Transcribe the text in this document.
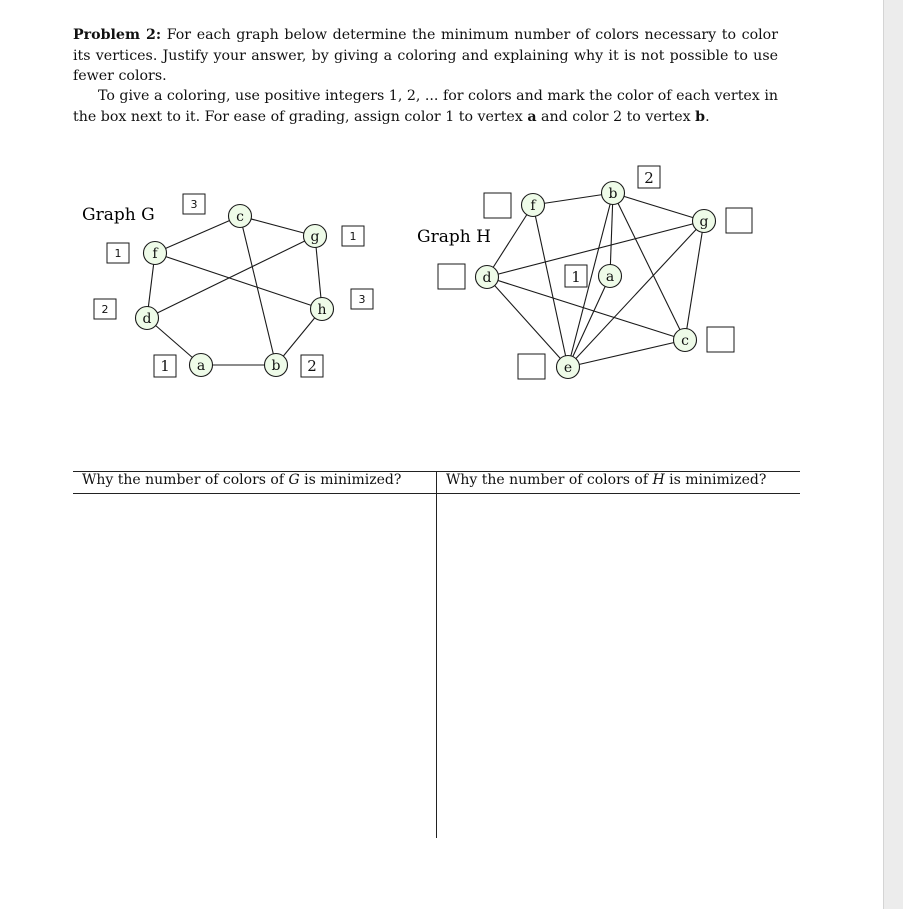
Problem 2: For each graph below determine the minimum number of colors necessary to color its vertices. Justify your answer, by giving a coloring and explaining why it is not possible to use fewer colors.

To give a coloring, use positive integers 1, 2, ... for colors and mark the color of each vertex in the box next to it. For ease of grading, assign color 1 to vertex a and color 2 to vertex b.

Graph G	c
f
g
d
h
a	b
3
1
1
2
3
1	2
Graph H
b
f
g
d	a
c
e
2
1
Why the number of colors of G is minimized?	Why the number of colors of H is minimized?
